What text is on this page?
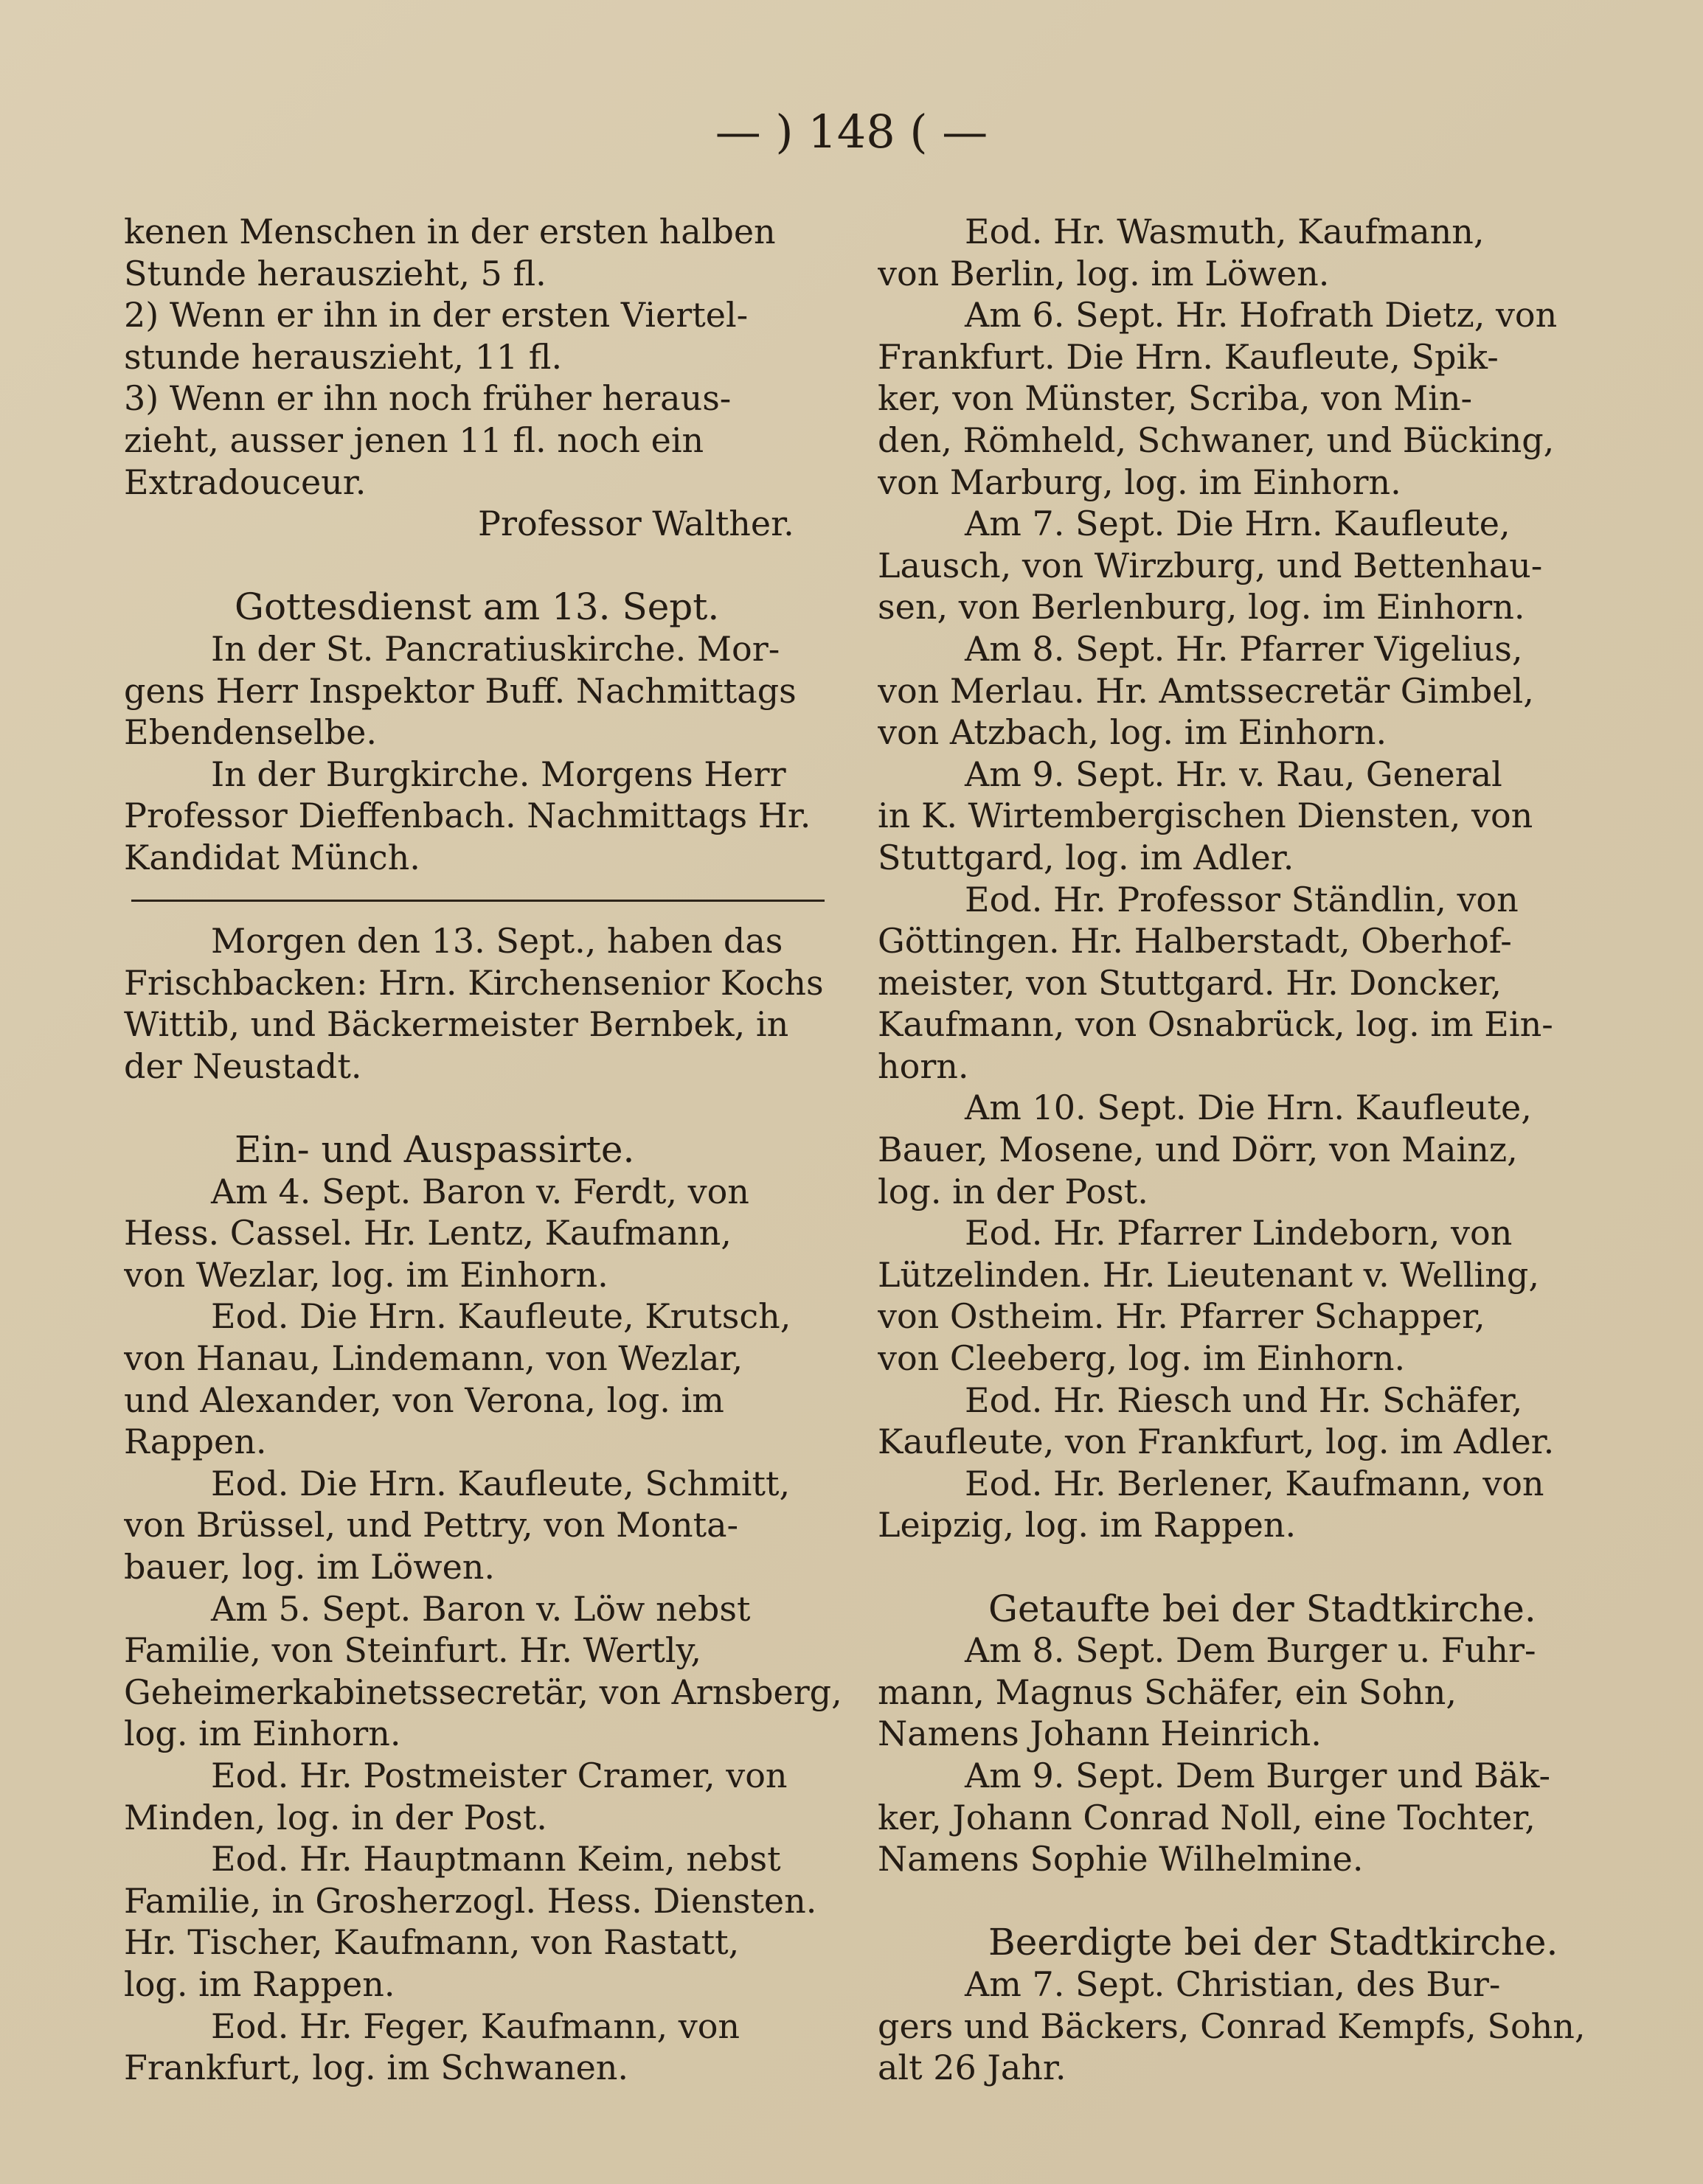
— ) 148 ( —
kenen Menschen in der ersten halben
Stunde herauszieht, 5 fl.
2) Wenn er ihn in der ersten Viertel-
stunde herauszieht, 11 fl.
3) Wenn er ihn noch früher heraus-
zieht, ausser jenen 11 fl. noch ein
Extradouceur.
Professor Walther.
Gottesdienst am 13. Sept.
In der St. Pancratiuskirche. Mor-
gens Herr Inspektor Buff. Nachmittags
Ebendenselbe.
In der Burgkirche. Morgens Herr
Professor Dieffenbach. Nachmittags Hr.
Kandidat Münch.
Morgen den 13. Sept., haben das
Frischbacken: Hrn. Kirchensenior Kochs
Wittib, und Bäckermeister Bernbek, in
der Neustadt.
Ein- und Auspassirte.
Am 4. Sept. Baron v. Ferdt, von
Hess. Cassel. Hr. Lentz, Kaufmann,
von Wezlar, log. im Einhorn.
Eod. Die Hrn. Kaufleute, Krutsch,
von Hanau, Lindemann, von Wezlar,
und Alexander, von Verona, log. im
Rappen.
Eod. Die Hrn. Kaufleute, Schmitt,
von Brüssel, und Pettry, von Monta-
bauer, log. im Löwen.
Am 5. Sept. Baron v. Löw nebst
Familie, von Steinfurt. Hr. Wertly,
Geheimerkabinetssecretär, von Arnsberg,
log. im Einhorn.
Eod. Hr. Postmeister Cramer, von
Minden, log. in der Post.
Eod. Hr. Hauptmann Keim, nebst
Familie, in Grosherzogl. Hess. Diensten.
Hr. Tischer, Kaufmann, von Rastatt,
log. im Rappen.
Eod. Hr. Feger, Kaufmann, von
Frankfurt, log. im Schwanen.
Eod. Hr. Wasmuth, Kaufmann,
von Berlin, log. im Löwen.
Am 6. Sept. Hr. Hofrath Dietz, von
Frankfurt. Die Hrn. Kaufleute, Spik-
ker, von Münster, Scriba, von Min-
den, Römheld, Schwaner, und Bücking,
von Marburg, log. im Einhorn.
Am 7. Sept. Die Hrn. Kaufleute,
Lausch, von Wirzburg, und Bettenhau-
sen, von Berlenburg, log. im Einhorn.
Am 8. Sept. Hr. Pfarrer Vigelius,
von Merlau. Hr. Amtssecretär Gimbel,
von Atzbach, log. im Einhorn.
Am 9. Sept. Hr. v. Rau, General
in K. Wirtembergischen Diensten, von
Stuttgard, log. im Adler.
Eod. Hr. Professor Ständlin, von
Göttingen. Hr. Halberstadt, Oberhof-
meister, von Stuttgard. Hr. Doncker,
Kaufmann, von Osnabrück, log. im Ein-
horn.
Am 10. Sept. Die Hrn. Kaufleute,
Bauer, Mosene, und Dörr, von Mainz,
log. in der Post.
Eod. Hr. Pfarrer Lindeborn, von
Lützelinden. Hr. Lieutenant v. Welling,
von Ostheim. Hr. Pfarrer Schapper,
von Cleeberg, log. im Einhorn.
Eod. Hr. Riesch und Hr. Schäfer,
Kaufleute, von Frankfurt, log. im Adler.
Eod. Hr. Berlener, Kaufmann, von
Leipzig, log. im Rappen.
Getaufte bei der Stadtkirche.
Am 8. Sept. Dem Burger u. Fuhr-
mann, Magnus Schäfer, ein Sohn,
Namens Johann Heinrich.
Am 9. Sept. Dem Burger und Bäk-
ker, Johann Conrad Noll, eine Tochter,
Namens Sophie Wilhelmine.
Beerdigte bei der Stadtkirche.
Am 7. Sept. Christian, des Bur-
gers und Bäckers, Conrad Kempfs, Sohn,
alt 26 Jahr.
